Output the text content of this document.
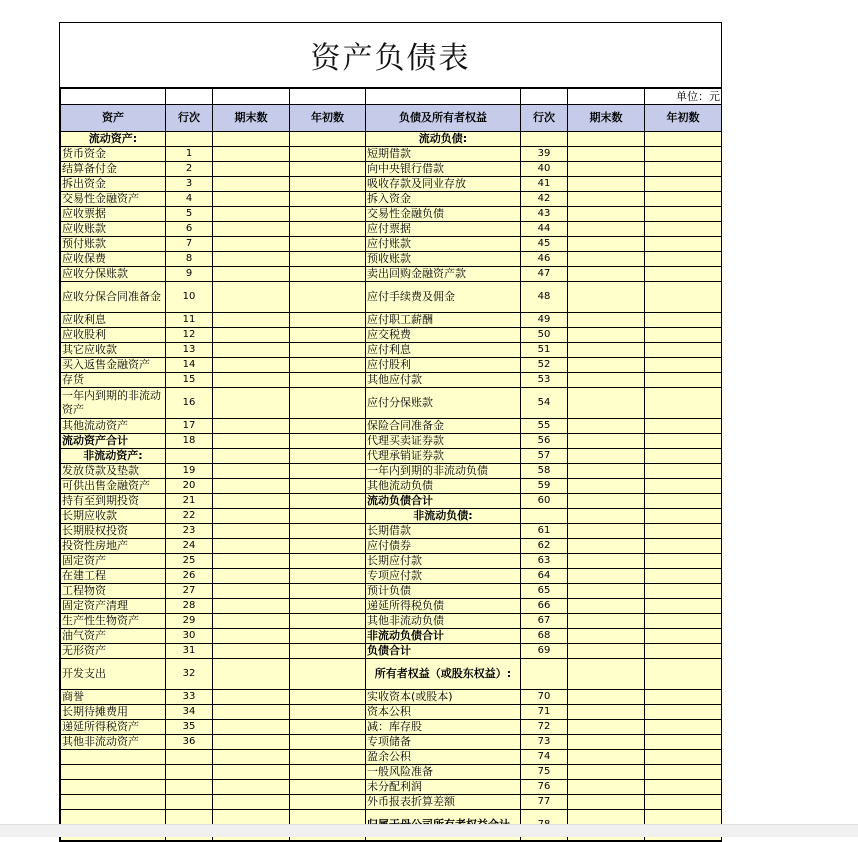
资产负债表
							单位：元
资产	行次	期末数	年初数	负债及所有者权益	行次	期末数	年初数
流动资产:				流动负债:			
货币资金	1			短期借款	39		
结算备付金	2			向中央银行借款	40		
拆出资金	3			吸收存款及同业存放	41		
交易性金融资产	4			拆入资金	42		
应收票据	5			交易性金融负债	43		
应收账款	6			应付票据	44		
预付账款	7			应付账款	45		
应收保费	8			预收账款	46		
应收分保账款	9			卖出回购金融资产款	47		
应收分保合同准备金	10			应付手续费及佣金	48		
应收利息	11			应付职工薪酬	49		
应收股利	12			应交税费	50		
其它应收款	13			应付利息	51		
买入返售金融资产	14			应付股利	52		
存货	15			其他应付款	53		
一年内到期的非流动资产	16			应付分保账款	54		
其他流动资产	17			保险合同准备金	55		
流动资产合计	18			代理买卖证券款	56		
非流动资产:				代理承销证券款	57		
发放贷款及垫款	19			一年内到期的非流动负债	58		
可供出售金融资产	20			其他流动负债	59		
持有至到期投资	21			流动负债合计	60		
长期应收款	22			非流动负债:			
长期股权投资	23			长期借款	61		
投资性房地产	24			应付债券	62		
固定资产	25			长期应付款	63		
在建工程	26			专项应付款	64		
工程物资	27			预计负债	65		
固定资产清理	28			递延所得税负债	66		
生产性生物资产	29			其他非流动负债	67		
油气资产	30			非流动负债合计	68		
无形资产	31			负债合计	69		
开发支出	32			所有者权益（或股东权益）:			
商誉	33			实收资本(或股本)	70		
长期待摊费用	34			资本公积	71		
递延所得税资产	35			减：库存股	72		
其他非流动资产	36			专项储备	73		
				盈余公积	74		
				一般风险准备	75		
				未分配利润	76		
				外币报表折算差额	77		
